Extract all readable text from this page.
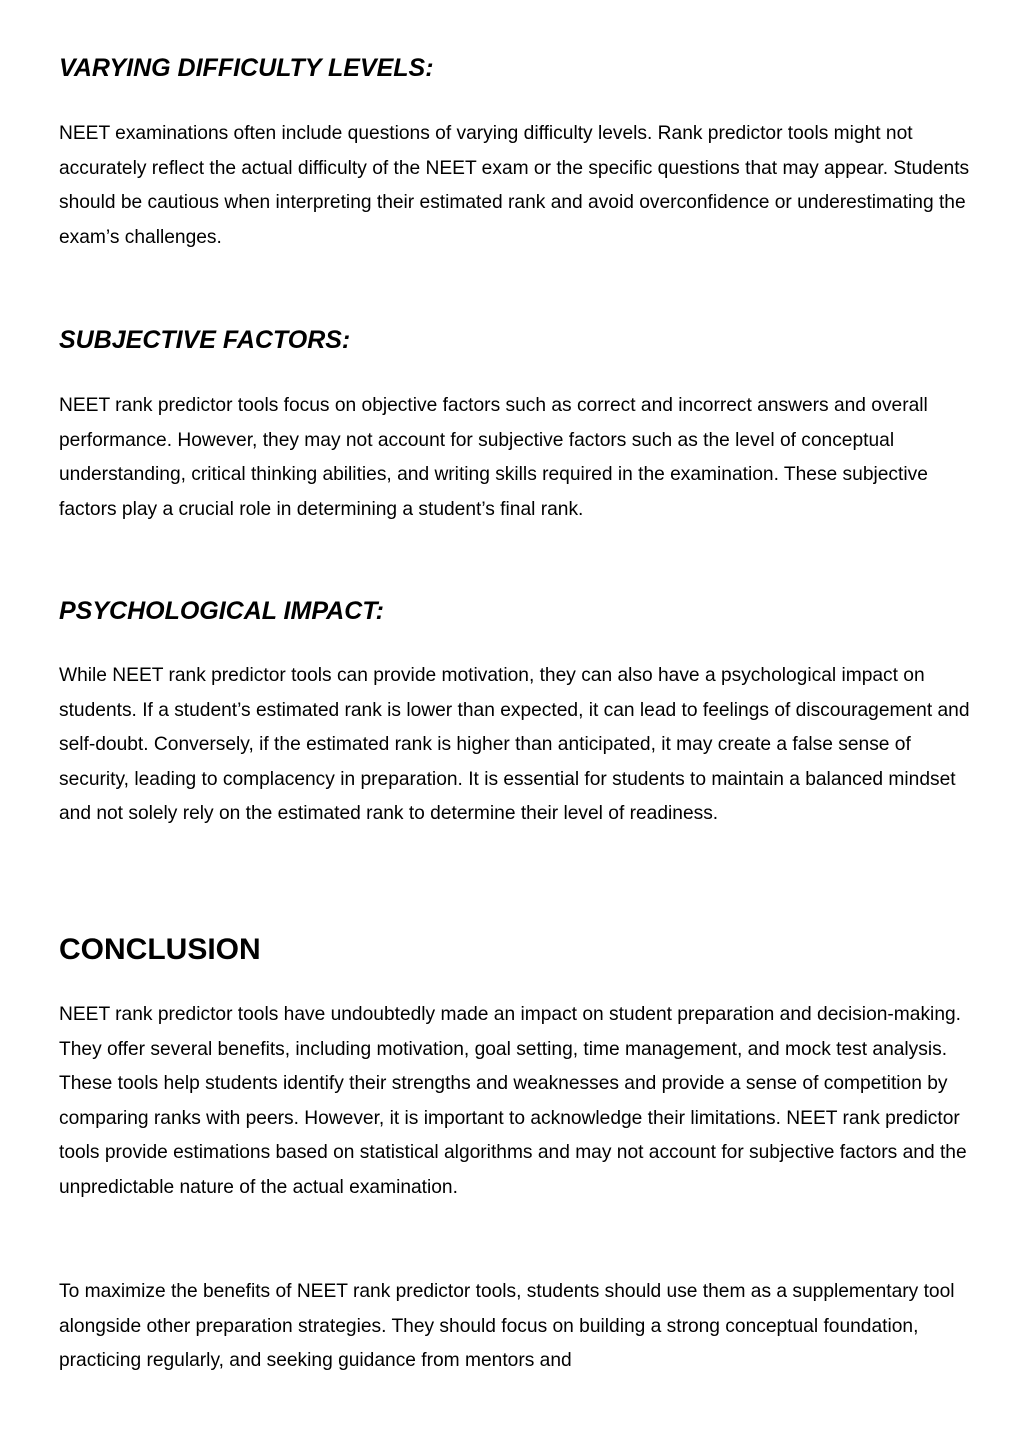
VARYING DIFFICULTY LEVELS:

NEET examinations often include questions of varying difficulty levels. Rank predictor tools might not accurately reflect the actual difficulty of the NEET exam or the specific questions that may appear. Students should be cautious when interpreting their estimated rank and avoid overconfidence or underestimating the exam’s challenges.

SUBJECTIVE FACTORS:

NEET rank predictor tools focus on objective factors such as correct and incorrect answers and overall performance. However, they may not account for subjective factors such as the level of conceptual understanding, critical thinking abilities, and writing skills required in the examination. These subjective factors play a crucial role in determining a student’s final rank.

PSYCHOLOGICAL IMPACT:

While NEET rank predictor tools can provide motivation, they can also have a psychological impact on students. If a student’s estimated rank is lower than expected, it can lead to feelings of discouragement and self-doubt. Conversely, if the estimated rank is higher than anticipated, it may create a false sense of security, leading to complacency in preparation. It is essential for students to maintain a balanced mindset and not solely rely on the estimated rank to determine their level of readiness.

CONCLUSION

NEET rank predictor tools have undoubtedly made an impact on student preparation and decision-making. They offer several benefits, including motivation, goal setting, time management, and mock test analysis. These tools help students identify their strengths and weaknesses and provide a sense of competition by comparing ranks with peers. However, it is important to acknowledge their limitations. NEET rank predictor tools provide estimations based on statistical algorithms and may not account for subjective factors and the unpredictable nature of the actual examination.

To maximize the benefits of NEET rank predictor tools, students should use them as a supplementary tool alongside other preparation strategies. They should focus on building a strong conceptual foundation, practicing regularly, and seeking guidance from mentors and
